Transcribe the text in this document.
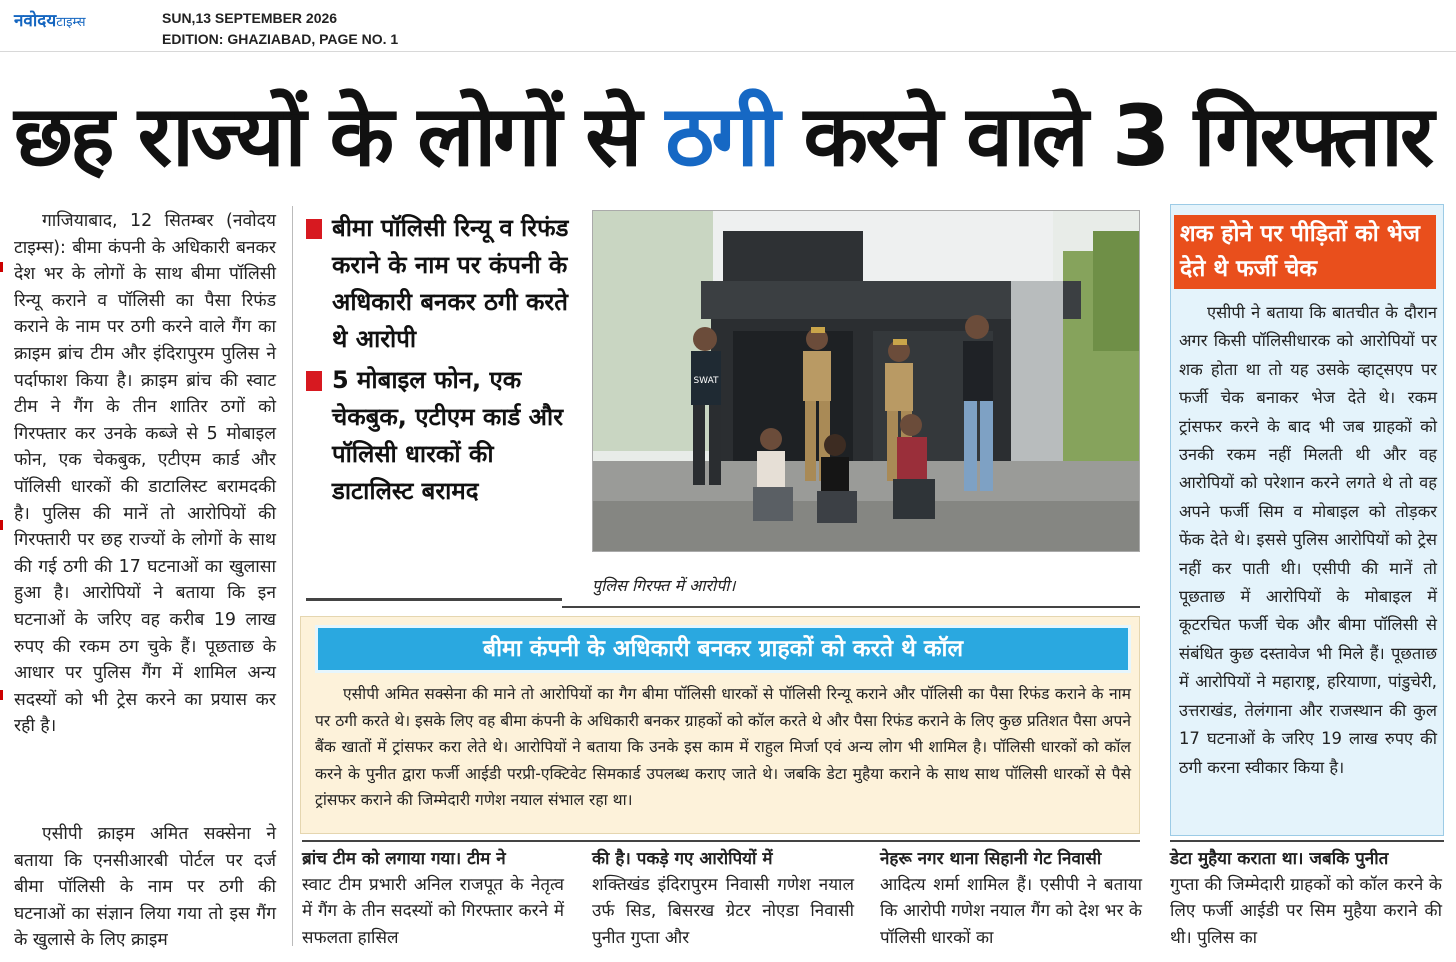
नवोदयटाइम्स	SUN,13 SEPTEMBER 2026
EDITION: GHAZIABAD, PAGE NO. 1
छह राज्यों के लोगों से ठगी करने वाले 3 गिरफ्तार

गाजियाबाद, 12 सितम्बर (नवोदय टाइम्स): बीमा कंपनी के अधिकारी बनकर देश भर के लोगों के साथ बीमा पॉलिसी रिन्यू कराने व पॉलिसी का पैसा रिफंड कराने के नाम पर ठगी करने वाले गैंग का क्राइम ब्रांच टीम और इंदिरापुरम पुलिस ने पर्दाफाश किया है। क्राइम ब्रांच की स्वाट टीम ने गैंग के तीन शातिर ठगों को गिरफ्तार कर उनके कब्जे से 5 मोबाइल फोन, एक चेकबुक, एटीएम कार्ड और पॉलिसी धारकों की डाटालिस्ट बरामदकी है। पुलिस की मानें तो आरोपियों की गिरफ्तारी पर छह राज्यों के लोगों के साथ की गई ठगी की 17 घटनाओं का खुलासा हुआ है। आरोपियों ने बताया कि इन घटनाओं के जरिए वह करीब 19 लाख रुपए की रकम ठग चुके हैं। पूछताछ के आधार पर पुलिस गैंग में शामिल अन्य सदस्यों को भी ट्रेस करने का प्रयास कर रही है।

एसीपी क्राइम अमित सक्सेना ने बताया कि एनसीआरबी पोर्टल पर दर्ज बीमा पॉलिसी के नाम पर ठगी की घटनाओं का संज्ञान लिया गया तो इस गैंग के खुलासे के लिए क्राइम

बीमा पॉलिसी रिन्यू व रिफंड कराने के नाम पर कंपनी के अधिकारी बनकर ठगी करते थे आरोपी
5 मोबाइल फोन, एक चेकबुक, एटीएम कार्ड और पॉलिसी धारकों की डाटालिस्ट बरामद
SWAT
पुलिस गिरफ्त में आरोपी।
शक होने पर पीड़ितों को भेज देते थे फर्जी चेक

एसीपी ने बताया कि बातचीत के दौरान अगर किसी पॉलिसीधारक को आरोपियों पर शक होता था तो यह उसके व्हाट्सएप पर फर्जी चेक बनाकर भेज देते थे। रकम ट्रांसफर करने के बाद भी जब ग्राहकों को उनकी रकम नहीं मिलती थी और वह आरोपियों को परेशान करने लगते थे तो वह अपने फर्जी सिम व मोबाइल को तोड़कर फेंक देते थे। इससे पुलिस आरोपियों को ट्रेस नहीं कर पाती थी। एसीपी की मानें तो पूछताछ में आरोपियों के मोबाइल में कूटरचित फर्जी चेक और बीमा पॉलिसी से संबंधित कुछ दस्तावेज भी मिले हैं। पूछताछ में आरोपियों ने महाराष्ट्र, हरियाणा, पांडुचेरी, उत्तराखंड, तेलंगाना और राजस्थान की कुल 17 घटनाओं के जरिए 19 लाख रुपए की ठगी करना स्वीकार किया है।

बीमा कंपनी के अधिकारी बनकर ग्राहकों को करते थे कॉल

एसीपी अमित सक्सेना की माने तो आरोपियों का गैग बीमा पॉलिसी धारकों से पॉलिसी रिन्यू कराने और पॉलिसी का पैसा रिफंड कराने के नाम पर ठगी करते थे। इसके लिए वह बीमा कंपनी के अधिकारी बनकर ग्राहकों को कॉल करते थे और पैसा रिफंड कराने के लिए कुछ प्रतिशत पैसा अपने बैंक खातों में ट्रांसफर करा लेते थे। आरोपियों ने बताया कि उनके इस काम में राहुल मिर्जा एवं अन्य लोग भी शामिल है। पॉलिसी धारकों को कॉल करने के पुनीत द्वारा फर्जी आईडी परप्री-एक्टिवेट सिमकार्ड उपलब्ध कराए जाते थे। जबकि डेटा मुहैया कराने के साथ साथ पॉलिसी धारकों से पैसे ट्रांसफर कराने की जिम्मेदारी गणेश नयाल संभाल रहा था।

ब्रांच टीम को लगाया गया। टीम ने
स्वाट टीम प्रभारी अनिल राजपूत के नेतृत्व में गैंग के तीन सदस्यों को गिरफ्तार करने में सफलता हासिल
की है। पकड़े गए आरोपियों में
शक्तिखंड इंदिरापुरम निवासी गणेश नयाल उर्फ सिड, बिसरख ग्रेटर नोएडा निवासी पुनीत गुप्ता और
नेहरू नगर थाना सिहानी गेट निवासी
आदित्य शर्मा शामिल हैं। एसीपी ने बताया कि आरोपी गणेश नयाल गैंग को देश भर के पॉलिसी धारकों का
डेटा मुहैया कराता था। जबकि पुनीत
गुप्ता की जिम्मेदारी ग्राहकों को कॉल करने के लिए फर्जी आईडी पर सिम मुहैया कराने की थी। पुलिस का
